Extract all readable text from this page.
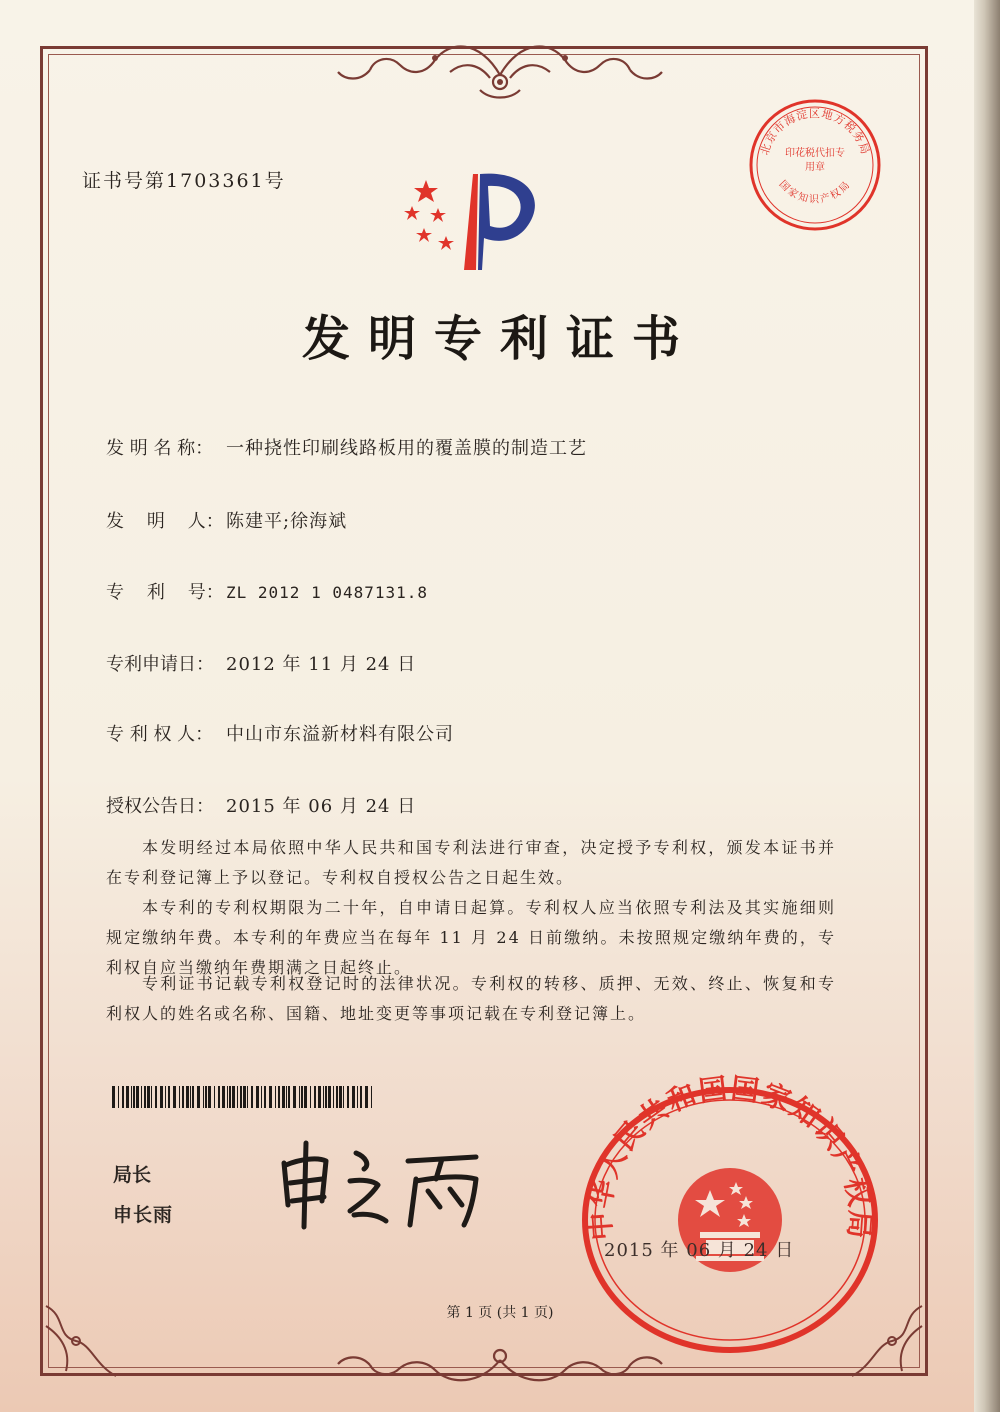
证书号第1703361号
北京市海淀区地方税务局
国家知识产权局
印花税代扣专用章
发明专利证书
发 明 名 称： 一种挠性印刷线路板用的覆盖膜的制造工艺
发    明    人： 陈建平;徐海斌
专    利    号： ZL 2012 1 0487131.8
专利申请日： 2012 年 11 月 24 日
专 利 权 人： 中山市东溢新材料有限公司
授权公告日： 2015 年 06 月 24 日
本发明经过本局依照中华人民共和国专利法进行审查，决定授予专利权，颁发本证书并在专利登记簿上予以登记。专利权自授权公告之日起生效。
本专利的专利权期限为二十年，自申请日起算。专利权人应当依照专利法及其实施细则规定缴纳年费。本专利的年费应当在每年 11 月 24 日前缴纳。未按照规定缴纳年费的，专利权自应当缴纳年费期满之日起终止。
专利证书记载专利权登记时的法律状况。专利权的转移、质押、无效、终止、恢复和专利权人的姓名或名称、国籍、地址变更等事项记载在专利登记簿上。
局长
申长雨	中华人民共和国国家知识产权局
2015 年 06 月 24 日
第 1 页 (共 1 页)
